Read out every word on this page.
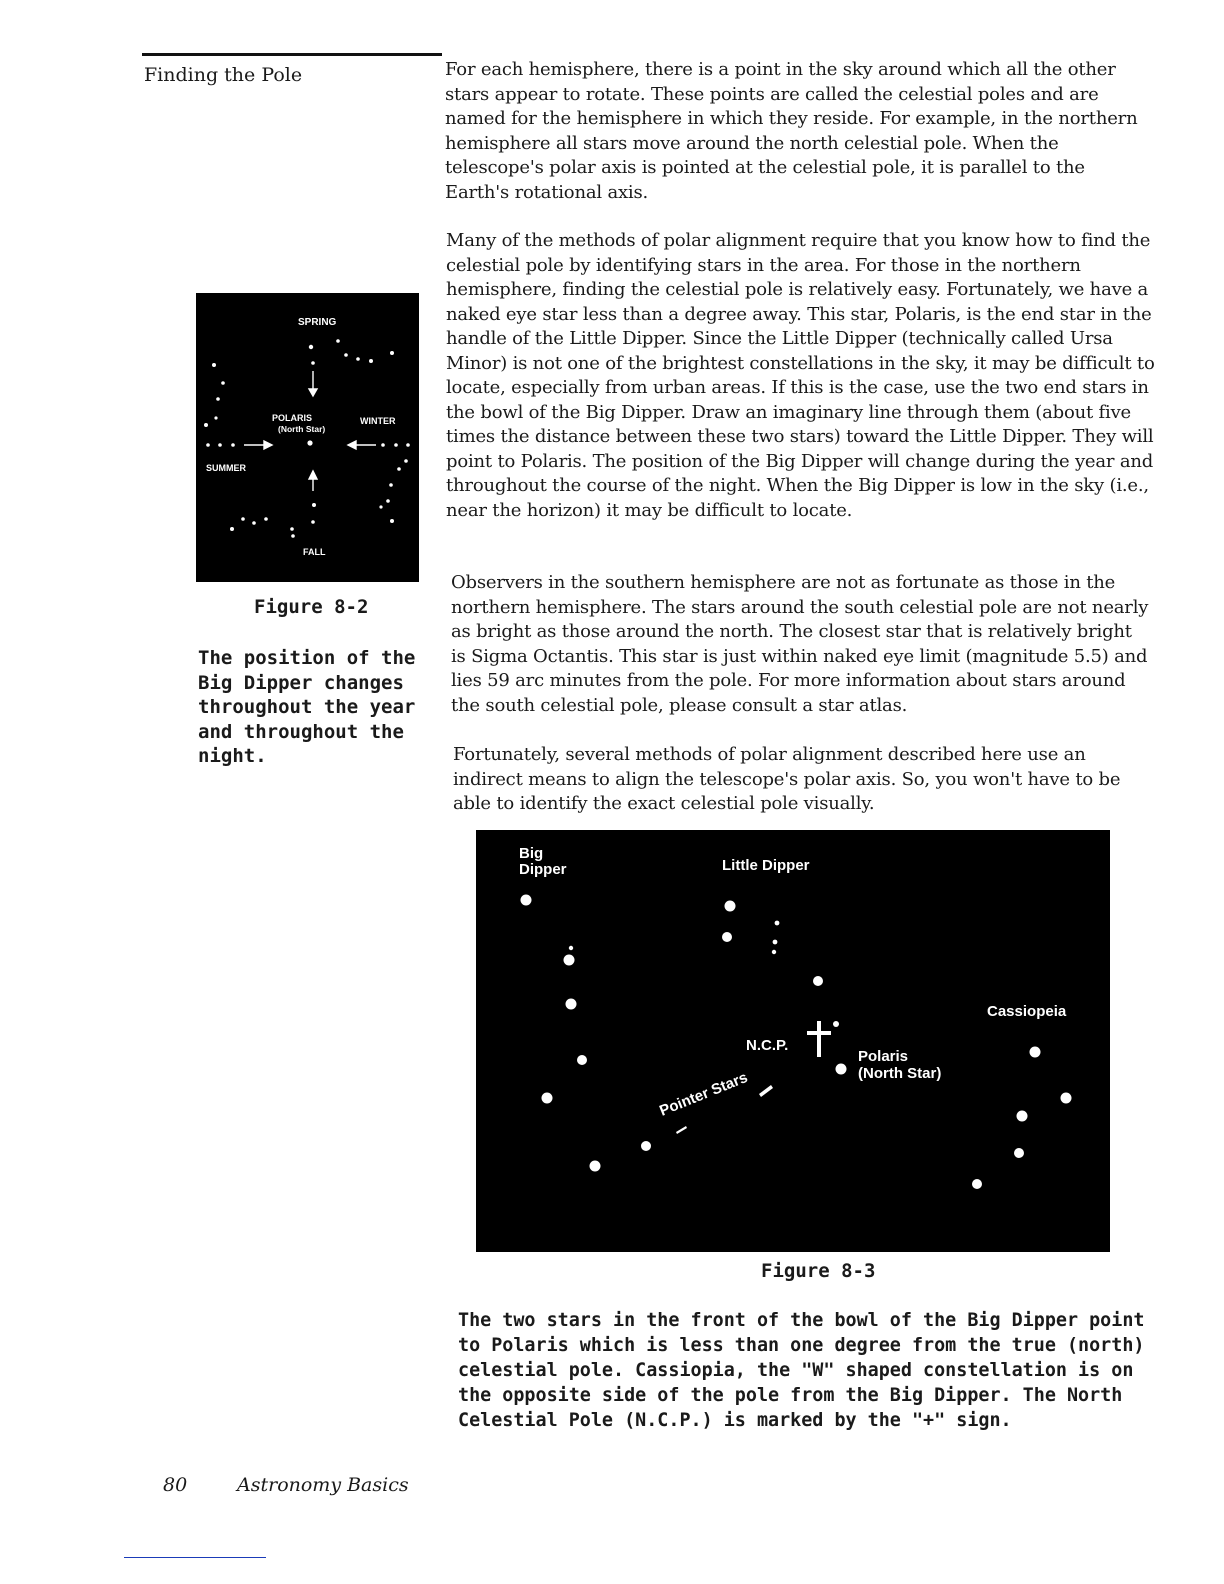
Finding the Pole	For each hemisphere, there is a point in the sky around which all the other stars appear to rotate. These points are called the celestial poles and are named for the hemisphere in which they reside. For example, in the northern hemisphere all stars move around the north celestial pole. When the telescope's polar axis is pointed at the celestial pole, it is parallel to the Earth's rotational axis.

Many of the methods of polar alignment require that you know how to find the celestial pole by identifying stars in the area. For those in the northern hemisphere, finding the celestial pole is relatively easy. Fortunately, we have a naked eye star less than a degree away. This star, Polaris, is the end star in the handle of the Little Dipper. Since the Little Dipper (technically called Ursa Minor) is not one of the brightest constellations in the sky, it may be difficult to locate, especially from urban areas. If this is the case, use the two end stars in the bowl of the Big Dipper. Draw an imaginary line through them (about five times the distance between these two stars) toward the Little Dipper. They will point to Polaris. The position of the Big Dipper will change during the year and throughout the course of the night. When the Big Dipper is low in the sky (i.e., near the horizon) it may be difficult to locate.

Observers in the southern hemisphere are not as fortunate as those in the northern hemisphere. The stars around the south celestial pole are not nearly as bright as those around the north. The closest star that is relatively bright is Sigma Octantis. This star is just within naked eye limit (magnitude 5.5) and lies 59 arc minutes from the pole. For more information about stars around the south celestial pole, please consult a star atlas.

Fortunately, several methods of polar alignment described here use an indirect means to align the telescope's polar axis. So, you won't have to be able to identify the exact celestial pole visually.

SPRING
POLARIS
(North Star)
WINTER
SUMMER
FALL
Figure 8-2
The position of the Big Dipper changes throughout the year and throughout the night.
Big
Dipper	Little Dipper
Cassiopeia
N.C.P.
Polaris
(North Star)
Pointer Stars
Figure 8-3
The two stars in the front of the bowl of the Big Dipper point to Polaris which is less than one degree from the true (north) celestial pole. Cassiopia, the "W" shaped constellation is on the opposite side of the pole from the Big Dipper. The North Celestial Pole (N.C.P.) is marked by the "+" sign.
80	Astronomy Basics
